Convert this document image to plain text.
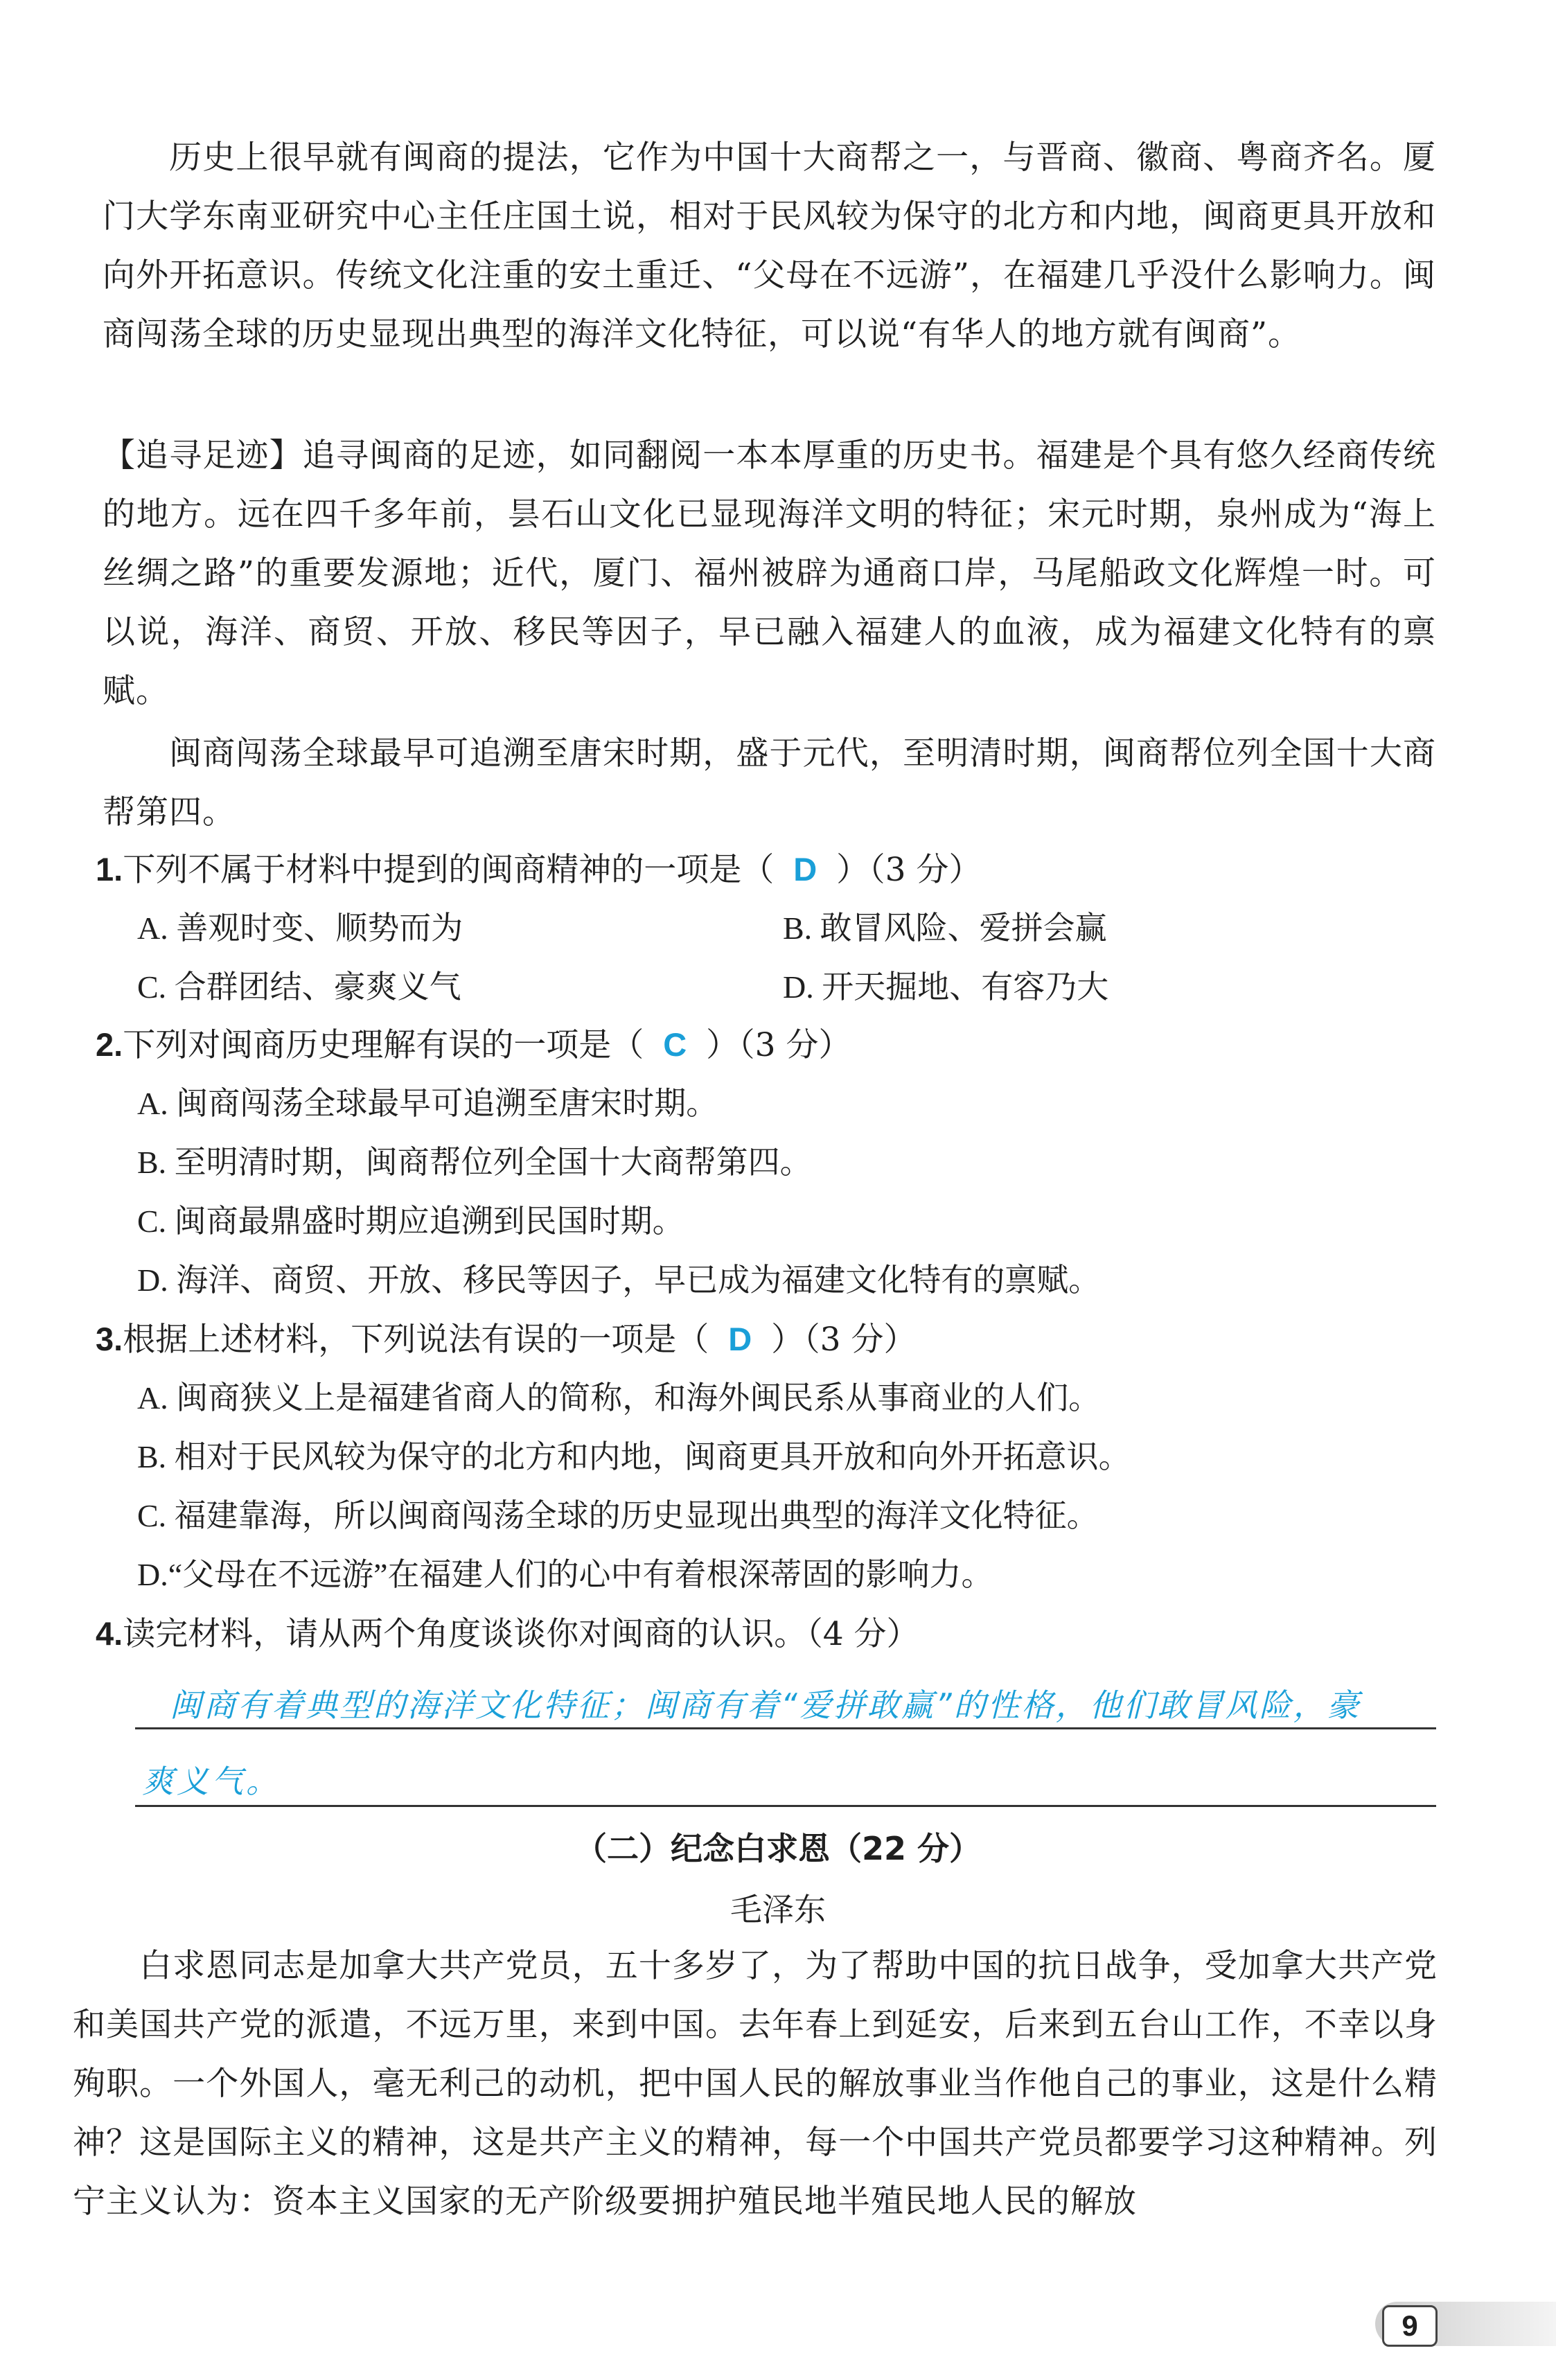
历史上很早就有闽商的提法，它作为中国十大商帮之一，与晋商、徽商、粤商齐名。厦门大学东南亚研究中心主任庄国土说，相对于民风较为保守的北方和内地，闽商更具开放和向外开拓意识。传统文化注重的安土重迁、“父母在不远游”，在福建几乎没什么影响力。闽商闯荡全球的历史显现出典型的海洋文化特征，可以说“有华人的地方就有闽商”。
【追寻足迹】追寻闽商的足迹，如同翻阅一本本厚重的历史书。福建是个具有悠久经商传统的地方。远在四千多年前，昙石山文化已显现海洋文明的特征；宋元时期，泉州成为“海上丝绸之路”的重要发源地；近代，厦门、福州被辟为通商口岸，马尾船政文化辉煌一时。可以说，海洋、商贸、开放、移民等因子，早已融入福建人的血液，成为福建文化特有的禀赋。
闽商闯荡全球最早可追溯至唐宋时期，盛于元代，至明清时期，闽商帮位列全国十大商帮第四。
1.下列不属于材料中提到的闽商精神的一项是（ D ）（3 分）
A. 善观时变、顺势而为	B. 敢冒风险、爱拼会赢
C. 合群团结、豪爽义气	D. 开天掘地、有容乃大
2.下列对闽商历史理解有误的一项是（ C ）（3 分）
A. 闽商闯荡全球最早可追溯至唐宋时期。
B. 至明清时期，闽商帮位列全国十大商帮第四。
C. 闽商最鼎盛时期应追溯到民国时期。
D. 海洋、商贸、开放、移民等因子，早已成为福建文化特有的禀赋。
3.根据上述材料，下列说法有误的一项是（ D ）（3 分）
A. 闽商狭义上是福建省商人的简称，和海外闽民系从事商业的人们。
B. 相对于民风较为保守的北方和内地，闽商更具开放和向外开拓意识。
C. 福建靠海，所以闽商闯荡全球的历史显现出典型的海洋文化特征。
D.“父母在不远游”在福建人们的心中有着根深蒂固的影响力。
4.读完材料，请从两个角度谈谈你对闽商的认识。（4 分）
闽商有着典型的海洋文化特征；闽商有着“爱拼敢赢”的性格，他们敢冒风险，豪
爽义气。
（二）纪念白求恩（22 分）
毛泽东
白求恩同志是加拿大共产党员，五十多岁了，为了帮助中国的抗日战争，受加拿大共产党和美国共产党的派遣，不远万里，来到中国。去年春上到延安，后来到五台山工作，不幸以身殉职。一个外国人，毫无利己的动机，把中国人民的解放事业当作他自己的事业，这是什么精神？这是国际主义的精神，这是共产主义的精神，每一个中国共产党员都要学习这种精神。列宁主义认为：资本主义国家的无产阶级要拥护殖民地半殖民地人民的解放
9
